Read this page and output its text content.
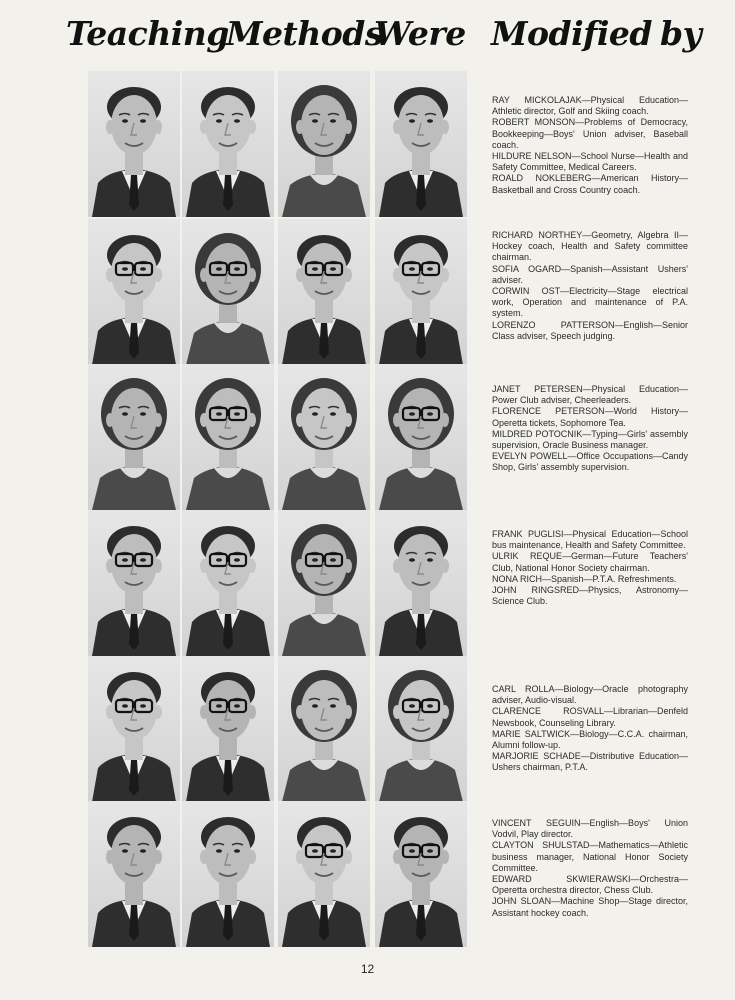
Teaching
Methods
Were Modified by
RAY MICKOLAJAK—Physical Education—Athletic director, Golf and Skiing coach.
ROBERT MONSON—Problems of Democracy, Bookkeeping—Boys' Union adviser, Baseball coach.
HILDURE NELSON—School Nurse—Health and Safety Committee, Medical Careers.
ROALD NOKLEBERG—American History—Basketball and Cross Country coach.
RICHARD NORTHEY—Geometry, Algebra II—Hockey coach, Health and Safety committee chairman.
SOFIA OGARD—Spanish—Assistant Ushers' adviser.
CORWIN OST—Electricity—Stage electrical work, Operation and maintenance of P.A. system.
LORENZO PATTERSON—English—Senior Class adviser, Speech judging.
JANET PETERSEN—Physical Education—Power Club adviser, Cheerleaders.
FLORENCE PETERSON—World History—Operetta tickets, Sophomore Tea.
MILDRED POTOCNIK—Typing—Girls' assembly supervision, Oracle Business manager.
EVELYN POWELL—Office Occupations—Candy Shop, Girls' assembly supervision.
FRANK PUGLISI—Physical Education—School bus maintenance, Health and Safety Committee.
ULRIK REQUE—German—Future Teachers' Club, National Honor Society chairman.
NONA RICH—Spanish—P.T.A. Refreshments.
JOHN RINGSRED—Physics, Astronomy—Science Club.
CARL ROLLA—Biology—Oracle photography adviser, Audio-visual.
CLARENCE ROSVALL—Librarian—Denfeld Newsbook, Counseling Library.
MARIE SALTWICK—Biology—C.C.A. chairman, Alumni follow-up.
MARJORIE SCHADE—Distributive Education—Ushers chairman, P.T.A.
VINCENT SEGUIN—English—Boys' Union Vodvil, Play director.
CLAYTON SHULSTAD—Mathematics—Athletic business manager, National Honor Society Committee.
EDWARD SKWIERAWSKI—Orchestra—Operetta orchestra director, Chess Club.
JOHN SLOAN—Machine Shop—Stage director, Assistant hockey coach.
12
